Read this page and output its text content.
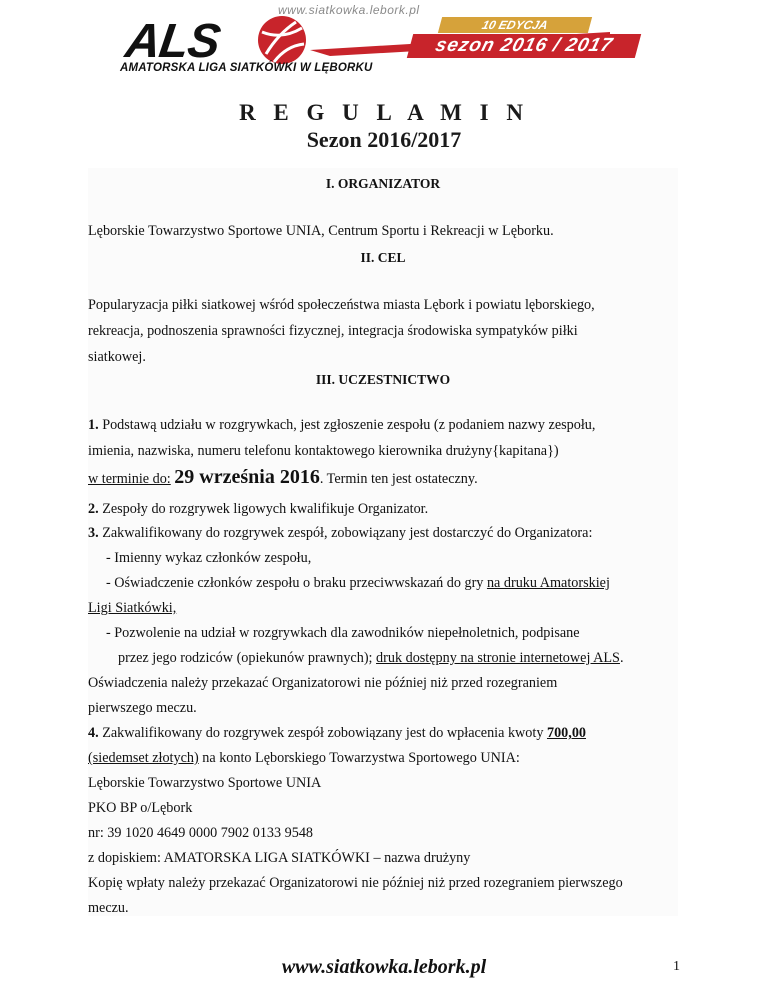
www.siatkowka.lebork.pl
ALS	10 EDYCJA
sezon 2016 / 2017
AMATORSKA LIGA SIATKÓWKI W LĘBORKU
R E G U L A M I N
Sezon 2016/2017
I. ORGANIZATOR
Lęborskie Towarzystwo Sportowe UNIA, Centrum Sportu i Rekreacji w Lęborku.
II. CEL
Popularyzacja piłki siatkowej wśród społeczeństwa miasta Lębork i powiatu lęborskiego,
rekreacja, podnoszenia sprawności fizycznej, integracja środowiska sympatyków piłki
siatkowej.
III. UCZESTNICTWO
1. Podstawą udziału w rozgrywkach, jest zgłoszenie zespołu (z podaniem nazwy zespołu,
imienia, nazwiska, numeru telefonu kontaktowego kierownika drużyny{kapitana})
w terminie do: 29 września 2016. Termin ten jest ostateczny.
2. Zespoły do rozgrywek ligowych kwalifikuje Organizator.
3. Zakwalifikowany do rozgrywek zespół, zobowiązany jest dostarczyć do Organizatora:
- Imienny wykaz członków zespołu,
- Oświadczenie członków zespołu o braku przeciwwskazań do gry na druku Amatorskiej
Ligi Siatkówki,
- Pozwolenie na udział w rozgrywkach dla zawodników niepełnoletnich, podpisane
przez jego rodziców (opiekunów prawnych); druk dostępny na stronie internetowej ALS.
Oświadczenia należy przekazać Organizatorowi nie później niż przed rozegraniem
pierwszego meczu.
4. Zakwalifikowany do rozgrywek zespół zobowiązany jest do wpłacenia kwoty 700,00
(siedemset złotych) na konto Lęborskiego Towarzystwa Sportowego UNIA:
Lęborskie Towarzystwo Sportowe UNIA
PKO BP o/Lębork
nr: 39 1020 4649 0000 7902 0133 9548
z dopiskiem: AMATORSKA LIGA SIATKÓWKI – nazwa drużyny
Kopię wpłaty należy przekazać Organizatorowi nie później niż przed rozegraniem pierwszego
meczu.
www.siatkowka.lebork.pl	1
